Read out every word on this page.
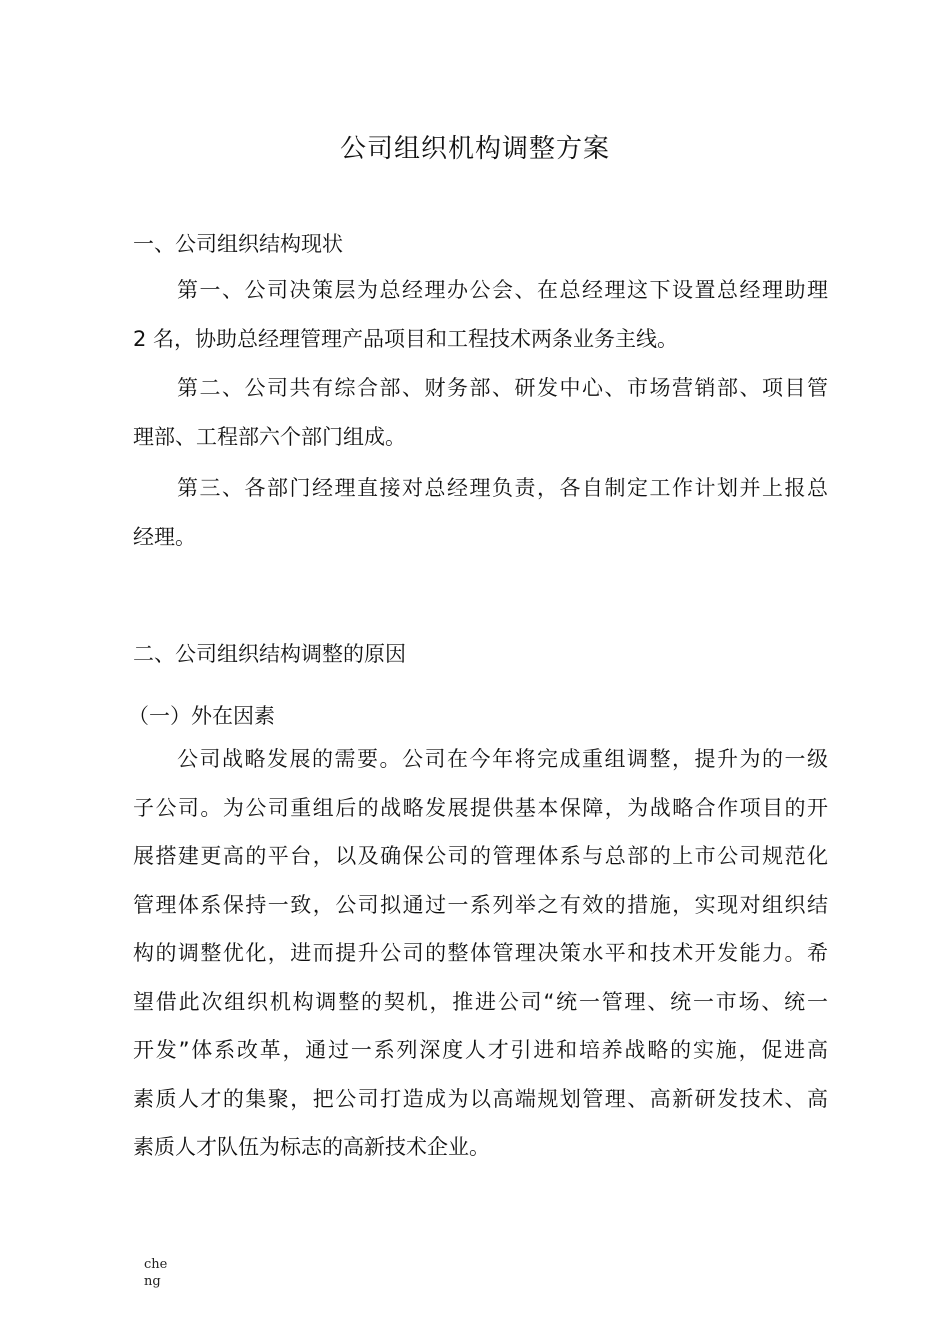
公司组织机构调整方案
一、公司组织结构现状
第一、公司决策层为总经理办公会、在总经理这下设置总经理助理
2 名，协助总经理管理产品项目和工程技术两条业务主线。
第二、公司共有综合部、财务部、研发中心、市场营销部、项目管
理部、工程部六个部门组成。
第三、各部门经理直接对总经理负责，各自制定工作计划并上报总
经理。
二、公司组织结构调整的原因
（一）外在因素
公司战略发展的需要。公司在今年将完成重组调整，提升为的一级
子公司。为公司重组后的战略发展提供基本保障，为战略合作项目的开
展搭建更高的平台，以及确保公司的管理体系与总部的上市公司规范化
管理体系保持一致，公司拟通过一系列举之有效的措施，实现对组织结
构的调整优化，进而提升公司的整体管理决策水平和技术开发能力。希
望借此次组织机构调整的契机，推进公司“统一管理、统一市场、统一
开发”体系改革，通过一系列深度人才引进和培养战略的实施，促进高
素质人才的集聚，把公司打造成为以高端规划管理、高新研发技术、高
素质人才队伍为标志的高新技术企业。
che ng
